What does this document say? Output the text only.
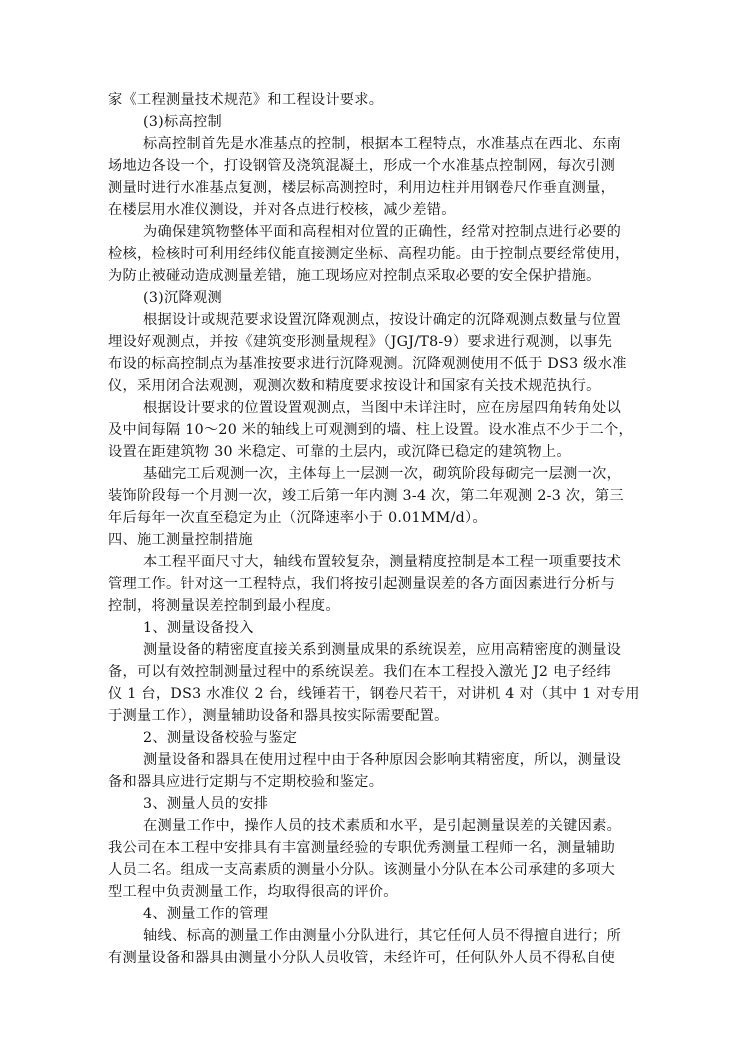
家《工程测量技术规范》和工程设计要求。
(3)标高控制
标高控制首先是水准基点的控制，根据本工程特点，水准基点在西北、东南
场地边各设一个，打设钢管及浇筑混凝土，形成一个水准基点控制网，每次引测
测量时进行水准基点复测，楼层标高测控时，利用边柱并用钢卷尺作垂直测量，
在楼层用水准仪测设，并对各点进行校核，减少差错。
为确保建筑物整体平面和高程相对位置的正确性，经常对控制点进行必要的
检核，检核时可利用经纬仪能直接测定坐标、高程功能。由于控制点要经常使用，
为防止被碰动造成测量差错，施工现场应对控制点采取必要的安全保护措施。
(3)沉降观测
根据设计或规范要求设置沉降观测点，按设计确定的沉降观测点数量与位置
埋设好观测点，并按《建筑变形测量规程》（JGJ/T8-9）要求进行观测，以事先
布设的标高控制点为基准按要求进行沉降观测。沉降观测使用不低于 DS3 级水准
仪，采用闭合法观测，观测次数和精度要求按设计和国家有关技术规范执行。
根据设计要求的位置设置观测点，当图中未详注时，应在房屋四角转角处以
及中间每隔 10～20 米的轴线上可观测到的墙、柱上设置。设水准点不少于二个，
设置在距建筑物 30 米稳定、可靠的土层内，或沉降已稳定的建筑物上。
基础完工后观测一次，主体每上一层测一次，砌筑阶段每砌完一层测一次，
装饰阶段每一个月测一次，竣工后第一年内测 3-4 次，第二年观测 2-3 次，第三
年后每年一次直至稳定为止（沉降速率小于 0.01MM/d）。
四、施工测量控制措施
本工程平面尺寸大，轴线布置较复杂，测量精度控制是本工程一项重要技术
管理工作。针对这一工程特点，我们将按引起测量误差的各方面因素进行分析与
控制，将测量误差控制到最小程度。
1、测量设备投入
测量设备的精密度直接关系到测量成果的系统误差，应用高精密度的测量设
备，可以有效控制测量过程中的系统误差。我们在本工程投入激光 J2 电子经纬
仪 1 台，DS3 水准仪 2 台，线锤若干，钢卷尺若干，对讲机 4 对（其中 1 对专用
于测量工作），测量辅助设备和器具按实际需要配置。
2、测量设备校验与鉴定
测量设备和器具在使用过程中由于各种原因会影响其精密度，所以，测量设
备和器具应进行定期与不定期校验和鉴定。
3、测量人员的安排
在测量工作中，操作人员的技术素质和水平，是引起测量误差的关键因素。
我公司在本工程中安排具有丰富测量经验的专职优秀测量工程师一名，测量辅助
人员二名。组成一支高素质的测量小分队。该测量小分队在本公司承建的多项大
型工程中负责测量工作，均取得很高的评价。
4、测量工作的管理
轴线、标高的测量工作由测量小分队进行，其它任何人员不得擅自进行；所
有测量设备和器具由测量小分队人员收管，未经许可，任何队外人员不得私自使
